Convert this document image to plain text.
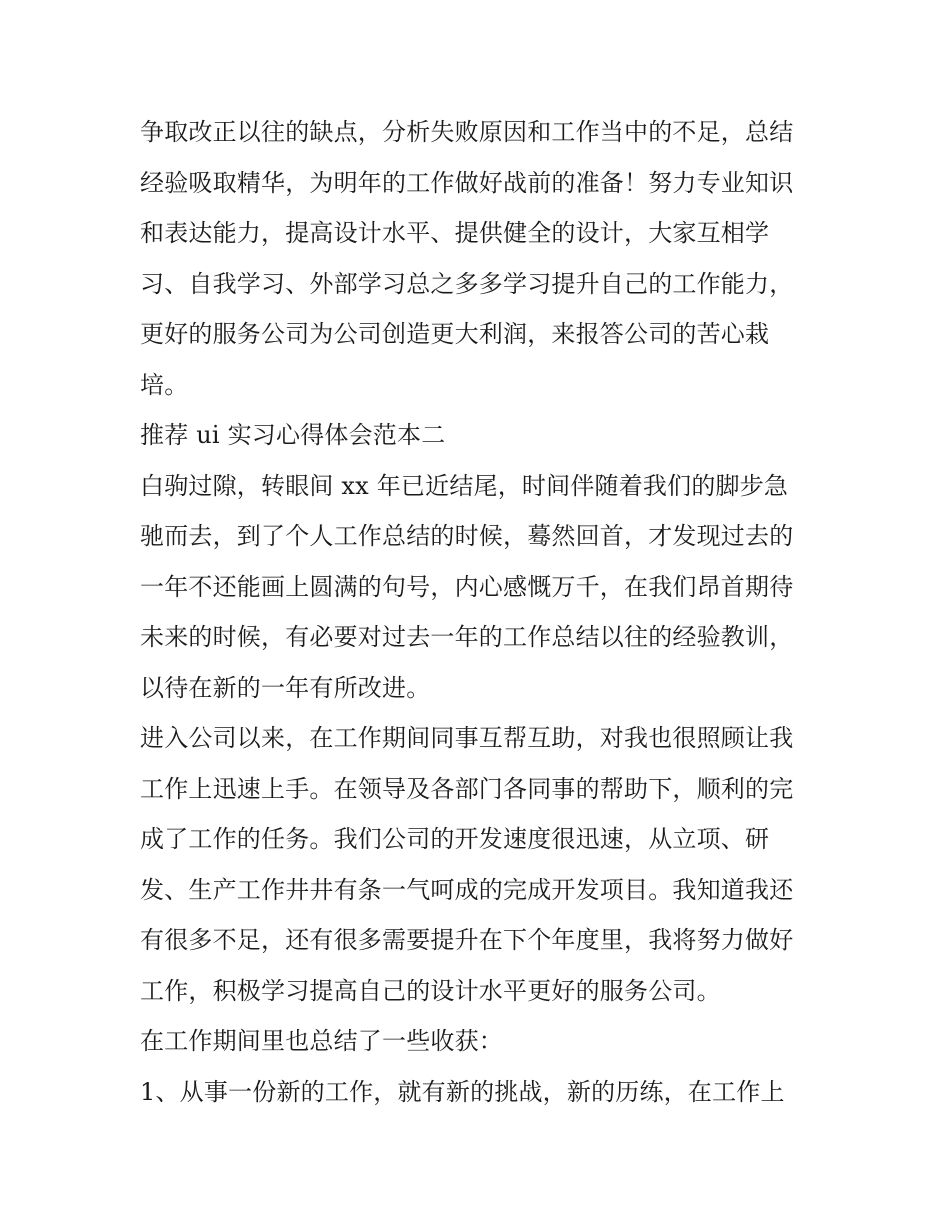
争取改正以往的缺点，分析失败原因和工作当中的不足，总结
经验吸取精华，为明年的工作做好战前的准备！努力专业知识
和表达能力，提高设计水平、提供健全的设计，大家互相学
习、自我学习、外部学习总之多多学习提升自己的工作能力，
更好的服务公司为公司创造更大利润，来报答公司的苦心栽
培。
推荐 ui 实习心得体会范本二
白驹过隙，转眼间 xx 年已近结尾，时间伴随着我们的脚步急
驰而去，到了个人工作总结的时候，蓦然回首，才发现过去的
一年不还能画上圆满的句号，内心感慨万千，在我们昂首期待
未来的时候，有必要对过去一年的工作总结以往的经验教训，
以待在新的一年有所改进。
进入公司以来，在工作期间同事互帮互助，对我也很照顾让我
工作上迅速上手。在领导及各部门各同事的帮助下，顺利的完
成了工作的任务。我们公司的开发速度很迅速，从立项、研
发、生产工作井井有条一气呵成的完成开发项目。我知道我还
有很多不足，还有很多需要提升在下个年度里，我将努力做好
工作，积极学习提高自己的设计水平更好的服务公司。
在工作期间里也总结了一些收获：
1、从事一份新的工作，就有新的挑战，新的历练，在工作上
